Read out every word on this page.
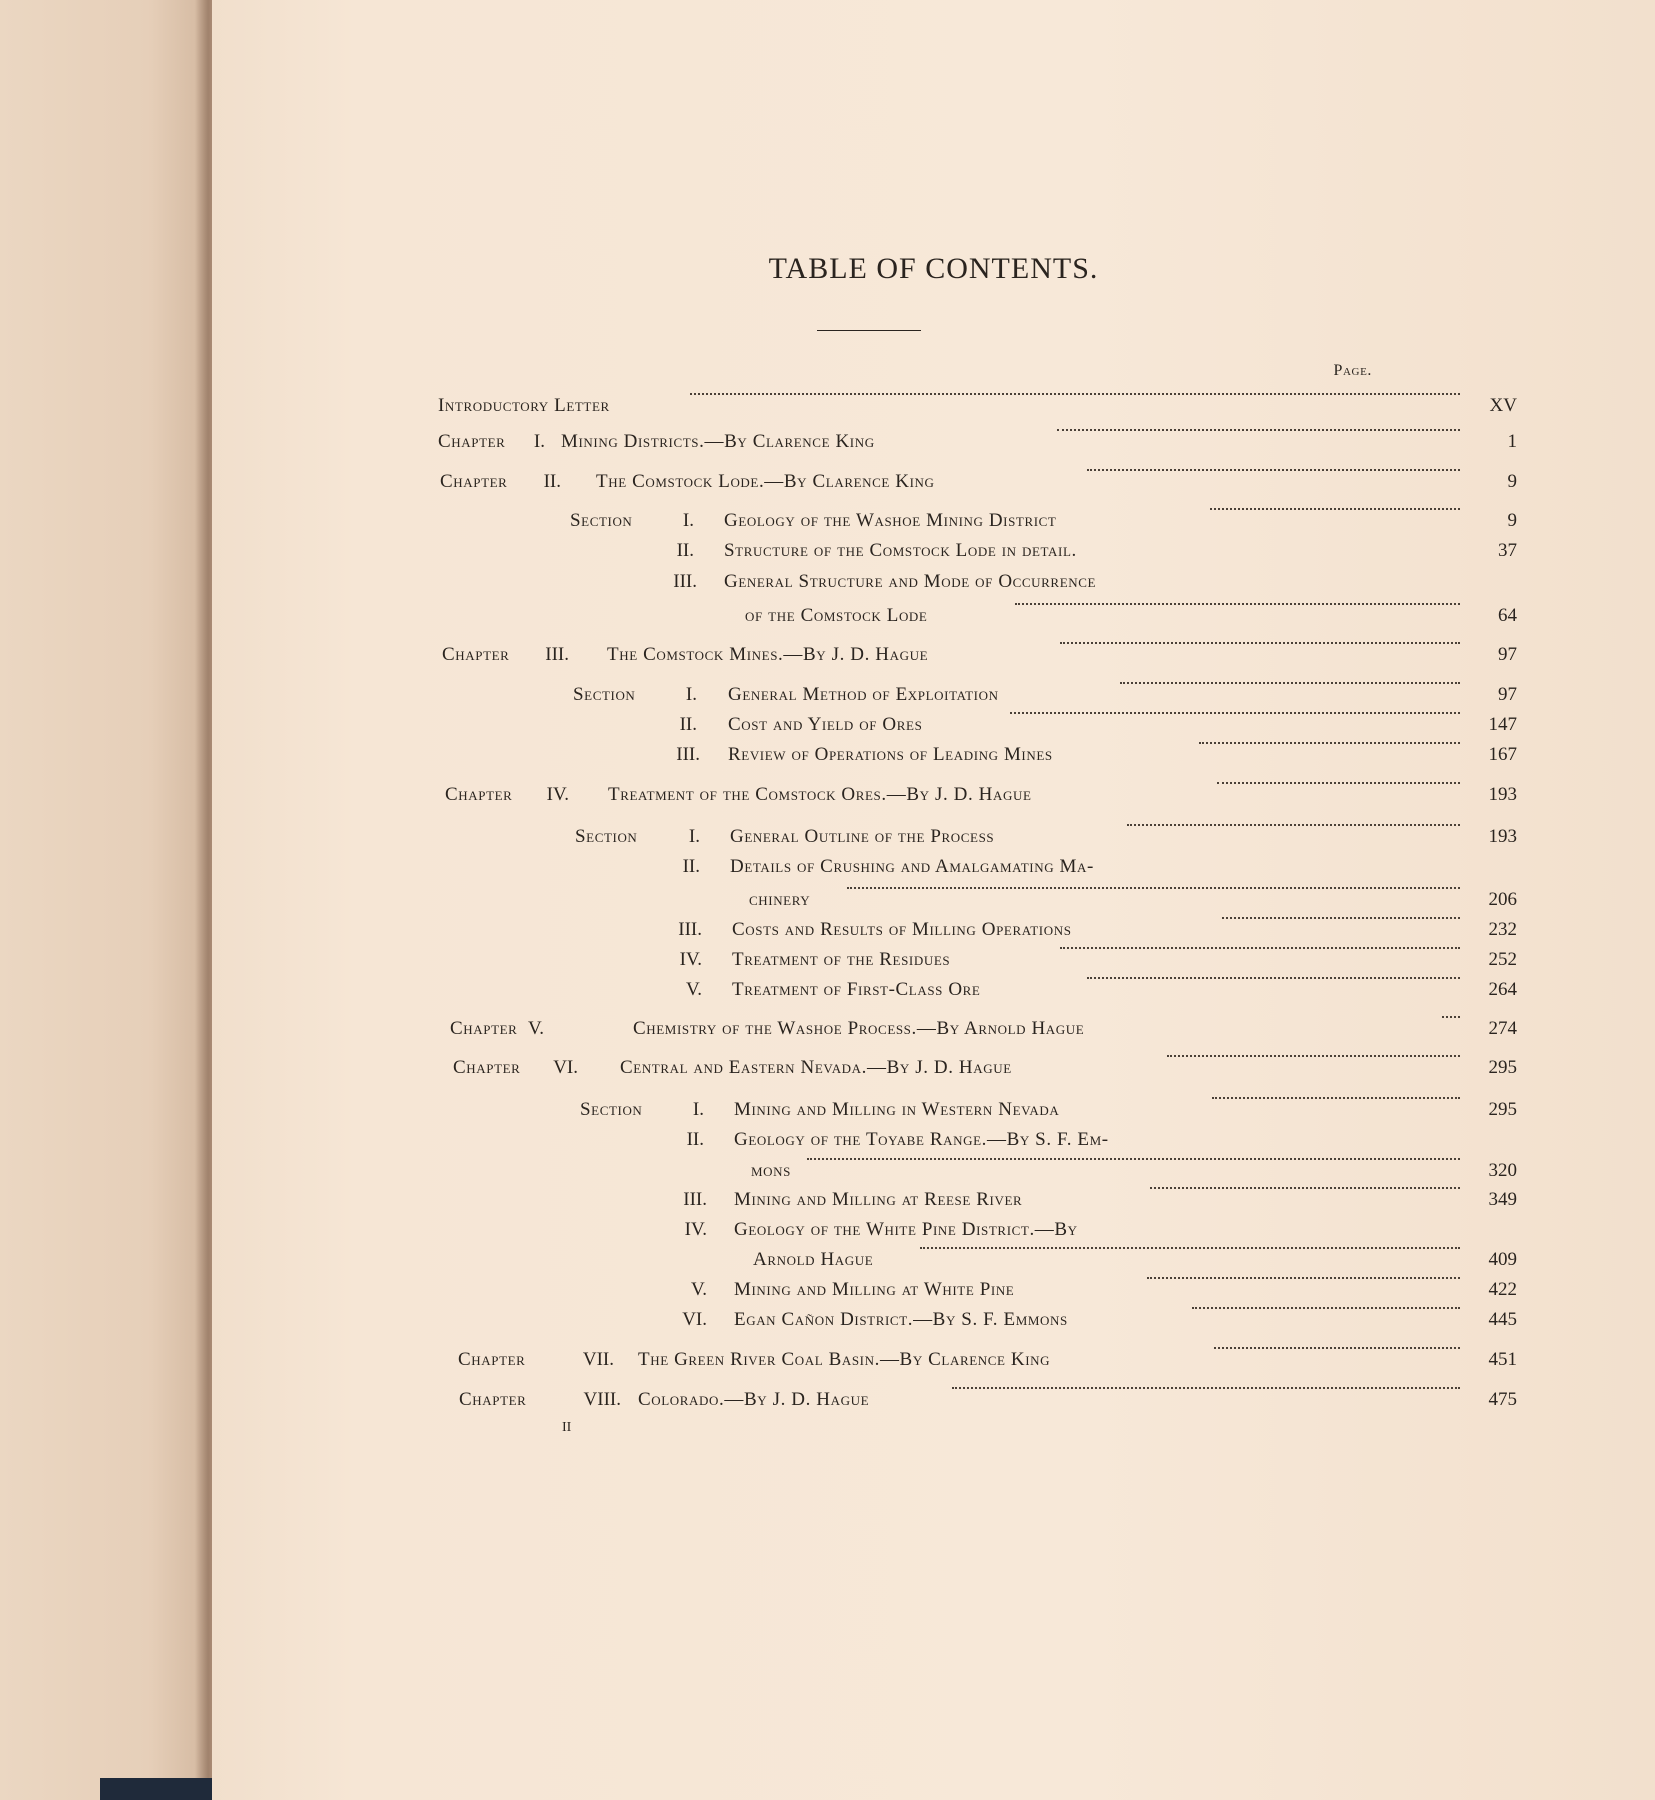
TABLE OF CONTENTS.
Page.
Introductory Letter	XV
Chapter	I. Mining Districts.—By Clarence King	1
Chapter	II. The Comstock Lode.—By Clarence King	9
Section	I. Geology of the Washoe Mining District	9
II. Structure of the Comstock Lode in detail.	37
III. General Structure and Mode of Occurrence
of the Comstock Lode	64
Chapter	III. The Comstock Mines.—By J. D. Hague	97
Section	I. General Method of Exploitation	97
II. Cost and Yield of Ores	147
III. Review of Operations of Leading Mines	167
Chapter	IV. Treatment of the Comstock Ores.—By J. D. Hague	193
Section	I. General Outline of the Process	193
II. Details of Crushing and Amalgamating Ma-
chinery	206
III. Costs and Results of Milling Operations	232
IV. Treatment of the Residues	252
V. Treatment of First-Class Ore	264
Chapter V.	Chemistry of the Washoe Process.—By Arnold Hague	274
Chapter	VI. Central and Eastern Nevada.—By J. D. Hague	295
Section	I. Mining and Milling in Western Nevada	295
II. Geology of the Toyabe Range.—By S. F. Em-
mons	320
III. Mining and Milling at Reese River	349
IV. Geology of the White Pine District.—By
Arnold Hague	409
V. Mining and Milling at White Pine	422
VI. Egan Cañon District.—By S. F. Emmons	445
Chapter	VII. The Green River Coal Basin.—By Clarence King	451
Chapter	VIII. Colorado.—By J. D. Hague	475
II
